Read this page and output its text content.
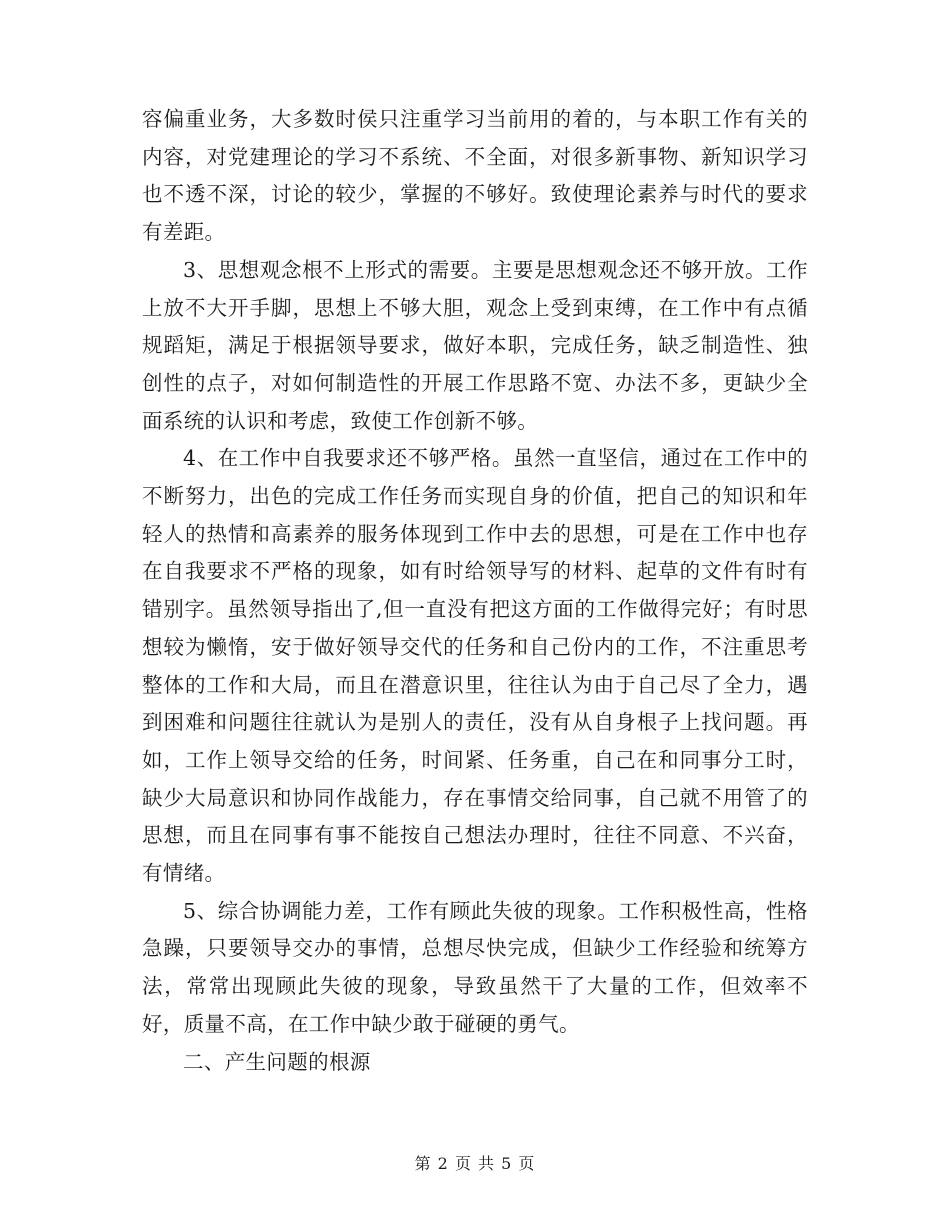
容偏重业务，大多数时侯只注重学习当前用的着的，与本职工作有关的内容，对党建理论的学习不系统、不全面，对很多新事物、新知识学习也不透不深，讨论的较少，掌握的不够好。致使理论素养与时代的要求有差距。

3、思想观念根不上形式的需要。主要是思想观念还不够开放。工作上放不大开手脚，思想上不够大胆，观念上受到束缚，在工作中有点循规蹈矩，满足于根据领导要求，做好本职，完成任务，缺乏制造性、独创性的点子，对如何制造性的开展工作思路不宽、办法不多，更缺少全面系统的认识和考虑，致使工作创新不够。

4、在工作中自我要求还不够严格。虽然一直坚信，通过在工作中的不断努力，出色的完成工作任务而实现自身的价值，把自己的知识和年轻人的热情和高素养的服务体现到工作中去的思想，可是在工作中也存在自我要求不严格的现象，如有时给领导写的材料、起草的文件有时有错别字。虽然领导指出了,但一直没有把这方面的工作做得完好；有时思想较为懒惰，安于做好领导交代的任务和自己份内的工作，不注重思考整体的工作和大局，而且在潜意识里，往往认为由于自己尽了全力，遇到困难和问题往往就认为是别人的责任，没有从自身根子上找问题。再如，工作上领导交给的任务，时间紧、任务重，自己在和同事分工时，缺少大局意识和协同作战能力，存在事情交给同事，自己就不用管了的思想，而且在同事有事不能按自己想法办理时，往往不同意、不兴奋，有情绪。

5、综合协调能力差，工作有顾此失彼的现象。工作积极性高，性格急躁，只要领导交办的事情，总想尽快完成，但缺少工作经验和统筹方法，常常出现顾此失彼的现象，导致虽然干了大量的工作，但效率不好，质量不高，在工作中缺少敢于碰硬的勇气。

二、产生问题的根源

第 2 页 共 5 页
